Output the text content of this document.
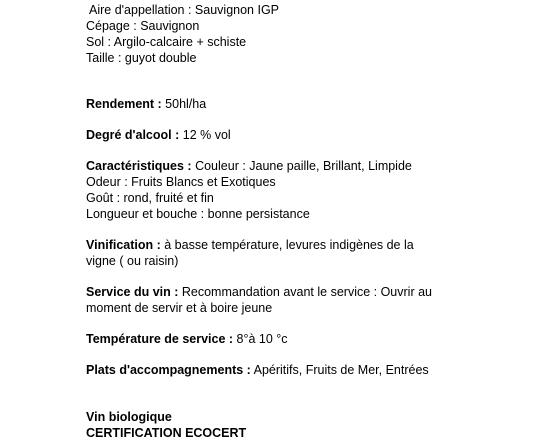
Aire d'appellation : Sauvignon IGP
Cépage : Sauvignon
Sol : Argilo-calcaire + schiste
Taille : guyot double
Rendement : 50hl/ha
Degré d'alcool : 12 % vol
Caractéristiques : Couleur : Jaune paille, Brillant, Limpide
Odeur : Fruits Blancs et Exotiques
Goût : rond, fruité et fin
Longueur et bouche : bonne persistance
Vinification : à basse température, levures indigènes de la
vigne ( ou raisin)
Service du vin : Recommandation avant le service : Ouvrir au
moment de servir et à boire jeune
Température de service : 8°à 10 °c
Plats d'accompagnements : Apéritifs, Fruits de Mer, Entrées
Vin biologique
CERTIFICATION ECOCERT
